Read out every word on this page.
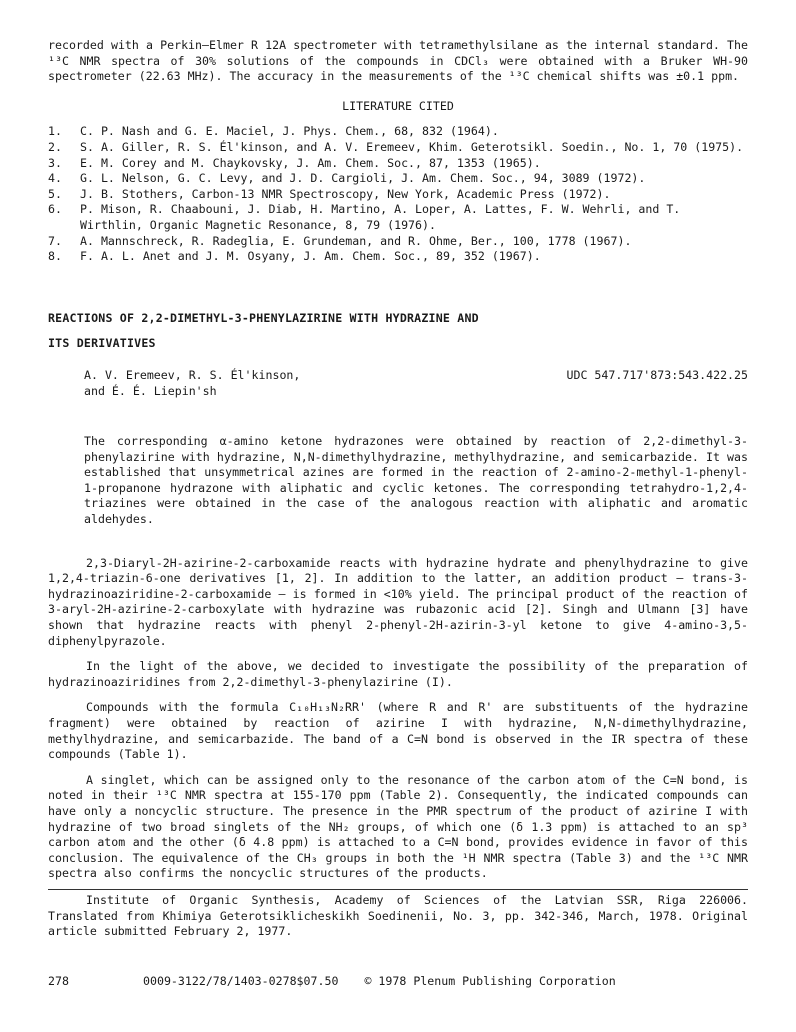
recorded with a Perkin–Elmer R 12A spectrometer with tetramethylsilane as the internal standard. The ¹³C NMR spectra of 30% solutions of the compounds in CDCl₃ were obtained with a Bruker WH-90 spectrometer (22.63 MHz). The accuracy in the measurements of the ¹³C chemical shifts was ±0.1 ppm.

LITERATURE CITED

1.	C. P. Nash and G. E. Maciel, J. Phys. Chem., 68, 832 (1964).
2.	S. A. Giller, R. S. Él'kinson, and A. V. Eremeev, Khim. Geterotsikl. Soedin., No. 1, 70 (1975).
3.	E. M. Corey and M. Chaykovsky, J. Am. Chem. Soc., 87, 1353 (1965).
4.	G. L. Nelson, G. C. Levy, and J. D. Cargioli, J. Am. Chem. Soc., 94, 3089 (1972).
5.	J. B. Stothers, Carbon-13 NMR Spectroscopy, New York, Academic Press (1972).
6.	P. Mison, R. Chaabouni, J. Diab, H. Martino, A. Loper, A. Lattes, F. W. Wehrli, and T. Wirthlin, Organic Magnetic Resonance, 8, 79 (1976).
7.	A. Mannschreck, R. Radeglia, E. Grundeman, and R. Ohme, Ber., 100, 1778 (1967).
8.	F. A. L. Anet and J. M. Osyany, J. Am. Chem. Soc., 89, 352 (1967).

REACTIONS OF 2,2-DIMETHYL-3-PHENYLAZIRINE WITH HYDRAZINE AND

ITS DERIVATIVES

A. V. Eremeev, R. S. Él'kinson,

and É. É. Liepin'sh

UDC 547.717'873:543.422.25

The corresponding α-amino ketone hydrazones were obtained by reaction of 2,2-dimethyl-3-phenylazirine with hydrazine, N,N-dimethylhydrazine, methylhydrazine, and semicarbazide. It was established that unsymmetrical azines are formed in the reaction of 2-amino-2-methyl-1-phenyl-1-propanone hydrazone with aliphatic and cyclic ketones. The corresponding tetrahydro-1,2,4-triazines were obtained in the case of the analogous reaction with aliphatic and aromatic aldehydes.

2,3-Diaryl-2H-azirine-2-carboxamide reacts with hydrazine hydrate and phenylhydrazine to give 1,2,4-triazin-6-one derivatives [1, 2]. In addition to the latter, an addition product — trans-3-hydrazinoaziridine-2-carboxamide — is formed in <10% yield. The principal product of the reaction of 3-aryl-2H-azirine-2-carboxylate with hydrazine was rubazonic acid [2]. Singh and Ulmann [3] have shown that hydrazine reacts with phenyl 2-phenyl-2H-azirin-3-yl ketone to give 4-amino-3,5-diphenylpyrazole.

In the light of the above, we decided to investigate the possibility of the preparation of hydrazinoaziridines from 2,2-dimethyl-3-phenylazirine (I).

Compounds with the formula C₁₀H₁₃N₂RR' (where R and R' are substituents of the hydrazine fragment) were obtained by reaction of azirine I with hydrazine, N,N-dimethylhydrazine, methylhydrazine, and semicarbazide. The band of a C=N bond is observed in the IR spectra of these compounds (Table 1).

A singlet, which can be assigned only to the resonance of the carbon atom of the C=N bond, is noted in their ¹³C NMR spectra at 155-170 ppm (Table 2). Consequently, the indicated compounds can have only a noncyclic structure. The presence in the PMR spectrum of the product of azirine I with hydrazine of two broad singlets of the NH₂ groups, of which one (δ 1.3 ppm) is attached to an sp³ carbon atom and the other (δ 4.8 ppm) is attached to a C=N bond, provides evidence in favor of this conclusion. The equivalence of the CH₃ groups in both the ¹H NMR spectra (Table 3) and the ¹³C NMR spectra also confirms the noncyclic structures of the products.

Institute of Organic Synthesis, Academy of Sciences of the Latvian SSR, Riga 226006. Translated from Khimiya Geterotsiklicheskikh Soedinenii, No. 3, pp. 342-346, March, 1978. Original article submitted February 2, 1977.

278	0009-3122/78/1403-0278$07.50 © 1978 Plenum Publishing Corporation
